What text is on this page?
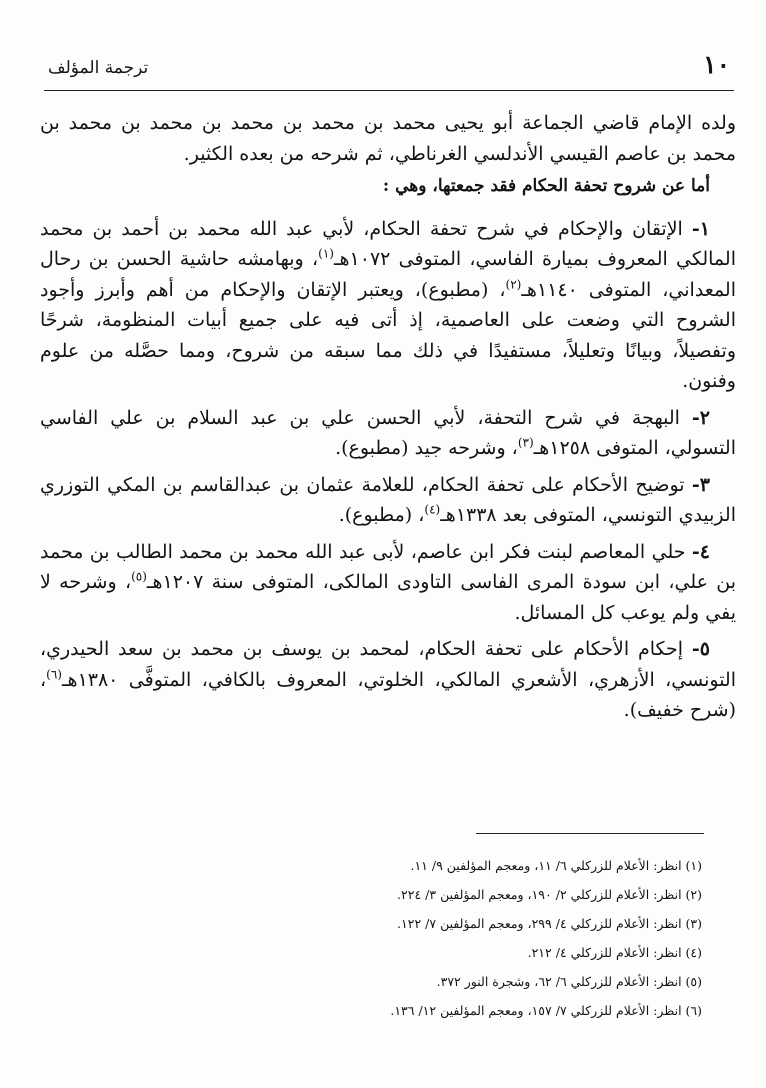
١٠
ترجمة المؤلف

ولده الإمام قاضي الجماعة أبو يحيى محمد بن محمد بن محمد بن محمد بن محمد بن محمد بن عاصم القيسي الأندلسي الغرناطي، ثم شرحه من بعده الكثير.

أما عن شروح تحفة الحكام فقد جمعتها، وهي :

١- الإتقان والإحكام في شرح تحفة الحكام، لأبي عبد الله محمد بن أحمد بن محمد المالكي المعروف بميارة الفاسي، المتوفى ١٠٧٢هـ$^{(١)}$، وبهامشه حاشية الحسن بن رحال المعداني، المتوفى ١١٤٠هـ$^{(٢)}$، (مطبوع)، ويعتبر الإتقان والإحكام من أهم وأبرز وأجود الشروح التي وضعت على العاصمية، إذ أتى فيه على جميع أبيات المنظومة، شرحًا وتفصيلاً، وبيانًا وتعليلاً، مستفيدًا في ذلك مما سبقه من شروح، ومما حصَّله من علوم وفنون.

٢- البهجة في شرح التحفة، لأبي الحسن علي بن عبد السلام بن علي الفاسي التسولي، المتوفى ١٢٥٨هـ$^{(٣)}$، وشرحه جيد (مطبوع).

٣- توضيح الأحكام على تحفة الحكام، للعلامة عثمان بن عبدالقاسم بن المكي التوزري الزبيدي التونسي، المتوفى بعد ١٣٣٨هـ$^{(٤)}$، (مطبوع).

٤- حلي المعاصم لبنت فكر ابن عاصم، لأبى عبد الله محمد بن محمد الطالب بن محمد بن علي، ابن سودة المرى الفاسى التاودى المالكى، المتوفى سنة ١٢٠٧هـ$^{(٥)}$، وشرحه لا يفي ولم يوعب كل المسائل.

٥- إحكام الأحكام على تحفة الحكام، لمحمد بن يوسف بن محمد بن سعد الحيدري، التونسي، الأزهري، الأشعري المالكي، الخلوتي، المعروف بالكافي، المتوفَّى ١٣٨٠هـ$^{(٦)}$، (شرح خفيف).

(١) انظر: الأعلام للزركلي ٦/ ١١، ومعجم المؤلفين ٩/ ١١.
(٢) انظر: الأعلام للزركلي ٢/ ١٩٠، ومعجم المؤلفين ٣/ ٢٢٤.
(٣) انظر: الأعلام للزركلي ٤/ ٢٩٩، ومعجم المؤلفين ٧/ ١٢٢.
(٤) انظر: الأعلام للزركلي ٤/ ٢١٢.
(٥) انظر: الأعلام للزركلي ٦/ ٦٢، وشجرة النور ٣٧٢.
(٦) انظر: الأعلام للزركلي ٧/ ١٥٧، ومعجم المؤلفين ١٢/ ١٣٦.
